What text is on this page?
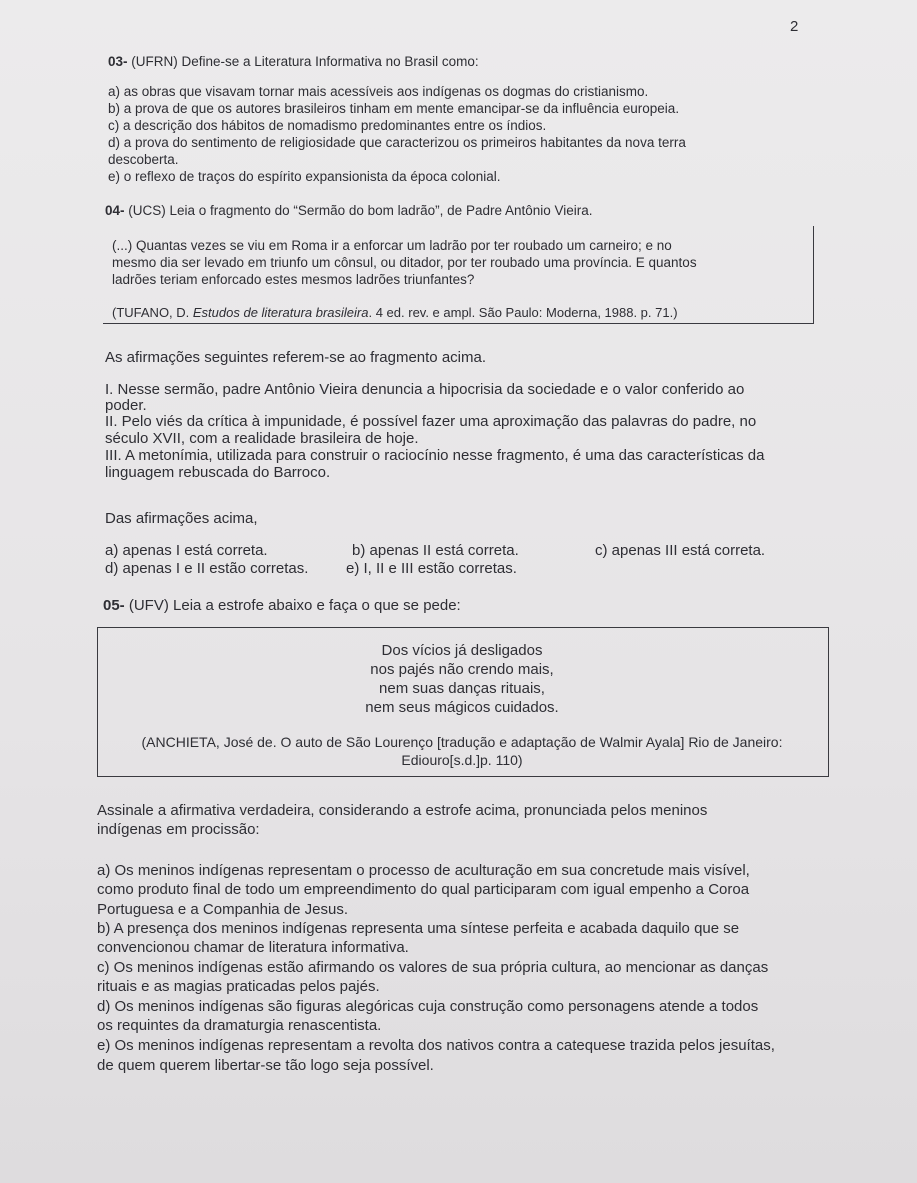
2
03- (UFRN) Define-se a Literatura Informativa no Brasil como:
a) as obras que visavam tornar mais acessíveis aos indígenas os dogmas do cristianismo.
b) a prova de que os autores brasileiros tinham em mente emancipar-se da influência europeia.
c) a descrição dos hábitos de nomadismo predominantes entre os índios.
d) a prova do sentimento de religiosidade que caracterizou os primeiros habitantes da nova terra
descoberta.
e) o reflexo de traços do espírito expansionista da época colonial.
04- (UCS) Leia o fragmento do “Sermão do bom ladrão”, de Padre Antônio Vieira.
(...) Quantas vezes se viu em Roma ir a enforcar um ladrão por ter roubado um carneiro; e no
mesmo dia ser levado em triunfo um cônsul, ou ditador, por ter roubado uma província. E quantos
ladrões teriam enforcado estes mesmos ladrões triunfantes?
(TUFANO, D. Estudos de literatura brasileira. 4 ed. rev. e ampl. São Paulo: Moderna, 1988. p. 71.)
As afirmações seguintes referem-se ao fragmento acima.
I. Nesse sermão, padre Antônio Vieira denuncia a hipocrisia da sociedade e o valor conferido ao
poder.
II. Pelo viés da crítica à impunidade, é possível fazer uma aproximação das palavras do padre, no
século XVII, com a realidade brasileira de hoje.
III. A metonímia, utilizada para construir o raciocínio nesse fragmento, é uma das características da
linguagem rebuscada do Barroco.
Das afirmações acima,
a) apenas I está correta.	b) apenas II está correta.	c) apenas III está correta.
d) apenas I e II estão corretas.	e) I, II e III estão corretas.
05- (UFV) Leia a estrofe abaixo e faça o que se pede:
Dos vícios já desligados
nos pajés não crendo mais,
nem suas danças rituais,
nem seus mágicos cuidados.
(ANCHIETA, José de. O auto de São Lourenço [tradução e adaptação de Walmir Ayala] Rio de Janeiro:
Ediouro[s.d.]p. 110)
Assinale a afirmativa verdadeira, considerando a estrofe acima, pronunciada pelos meninos
indígenas em procissão:
a) Os meninos indígenas representam o processo de aculturação em sua concretude mais visível,
como produto final de todo um empreendimento do qual participaram com igual empenho a Coroa
Portuguesa e a Companhia de Jesus.
b) A presença dos meninos indígenas representa uma síntese perfeita e acabada daquilo que se
convencionou chamar de literatura informativa.
c) Os meninos indígenas estão afirmando os valores de sua própria cultura, ao mencionar as danças
rituais e as magias praticadas pelos pajés.
d) Os meninos indígenas são figuras alegóricas cuja construção como personagens atende a todos
os requintes da dramaturgia renascentista.
e) Os meninos indígenas representam a revolta dos nativos contra a catequese trazida pelos jesuítas,
de quem querem libertar-se tão logo seja possível.
